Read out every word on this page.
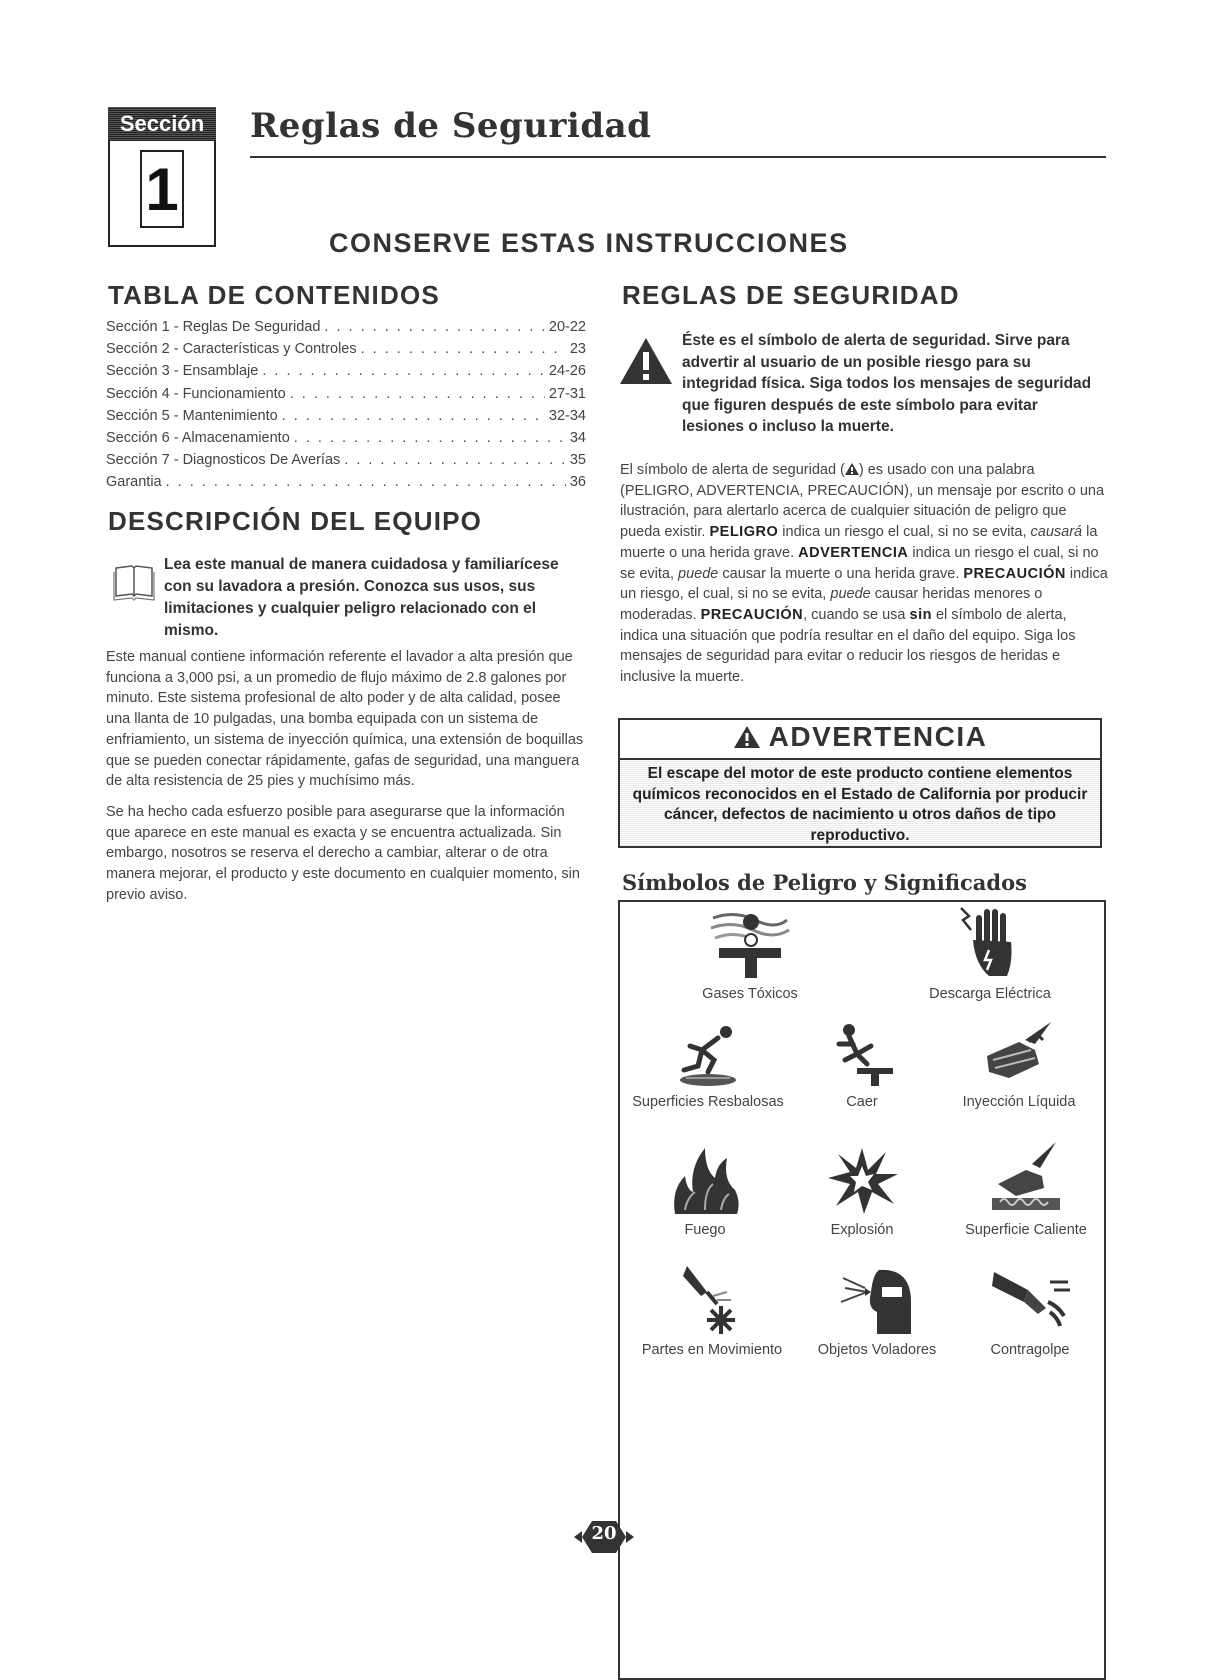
Sección
1
Reglas de Seguridad
CONSERVE ESTAS INSTRUCCIONES
TABLA DE CONTENIDOS
Sección 1 - Reglas De Seguridad . . .	20-22
Sección 2 - Características y Controles . . .	23
Sección 3 - Ensamblaje . . .	24-26
Sección 4 - Funcionamiento . . .	27-31
Sección 5 - Mantenimiento . . .	32-34
Sección 6 - Almacenamiento . . .	34
Sección 7 - Diagnosticos De Averías . . .	35
Garantia . . .	36
DESCRIPCIÓN DEL EQUIPO
Lea este manual de manera cuidadosa y familiarícese con su lavadora a presión. Conozca sus usos, sus limitaciones y cualquier peligro relacionado con el mismo.

Este manual contiene información referente el lavador a alta presión que funciona a 3,000 psi, a un promedio de flujo máximo de 2.8 galones por minuto. Este sistema profesional de alto poder y de alta calidad, posee una llanta de 10 pulgadas, una bomba equipada con un sistema de enfriamiento, un sistema de inyección química, una extensión de boquillas que se pueden conectar rápidamente, gafas de seguridad, una manguera de alta resistencia de 25 pies y muchísimo más.

Se ha hecho cada esfuerzo posible para asegurarse que la información que aparece en este manual es exacta y se encuentra actualizada. Sin embargo, nosotros se reserva el derecho a cambiar, alterar o de otra manera mejorar, el producto y este documento en cualquier momento, sin previo aviso.

REGLAS DE SEGURIDAD
Éste es el símbolo de alerta de seguridad. Sirve para advertir al usuario de un posible riesgo para su integridad física. Siga todos los mensajes de seguridad que figuren después de este símbolo para evitar lesiones o incluso la muerte.
El símbolo de alerta de seguridad ( ) es usado con una palabra (PELIGRO, ADVERTENCIA, PRECAUCIÓN), un mensaje por escrito o una ilustración, para alertarlo acerca de cualquier situación de peligro que pueda existir. PELIGRO indica un riesgo el cual, si no se evita, causará la muerte o una herida grave. ADVERTENCIA indica un riesgo el cual, si no se evita, puede causar la muerte o una herida grave. PRECAUCIÓN indica un riesgo, el cual, si no se evita, puede causar heridas menores o moderadas. PRECAUCIÓN, cuando se usa sin el símbolo de alerta, indica una situación que podría resultar en el daño del equipo. Siga los mensajes de seguridad para evitar o reducir los riesgos de heridas e inclusive la muerte.
ADVERTENCIA
El escape del motor de este producto contiene elementos químicos reconocidos en el Estado de California por producir cáncer, defectos de nacimiento u otros daños de tipo reproductivo.
Símbolos de Peligro y Significados
Gases Tóxicos	Descarga Eléctrica
Superficies Resbalosas	Caer	Inyección Líquida
Fuego	Explosión	Superficie Caliente
Partes en Movimiento	Objetos Voladores	Contragolpe
20
